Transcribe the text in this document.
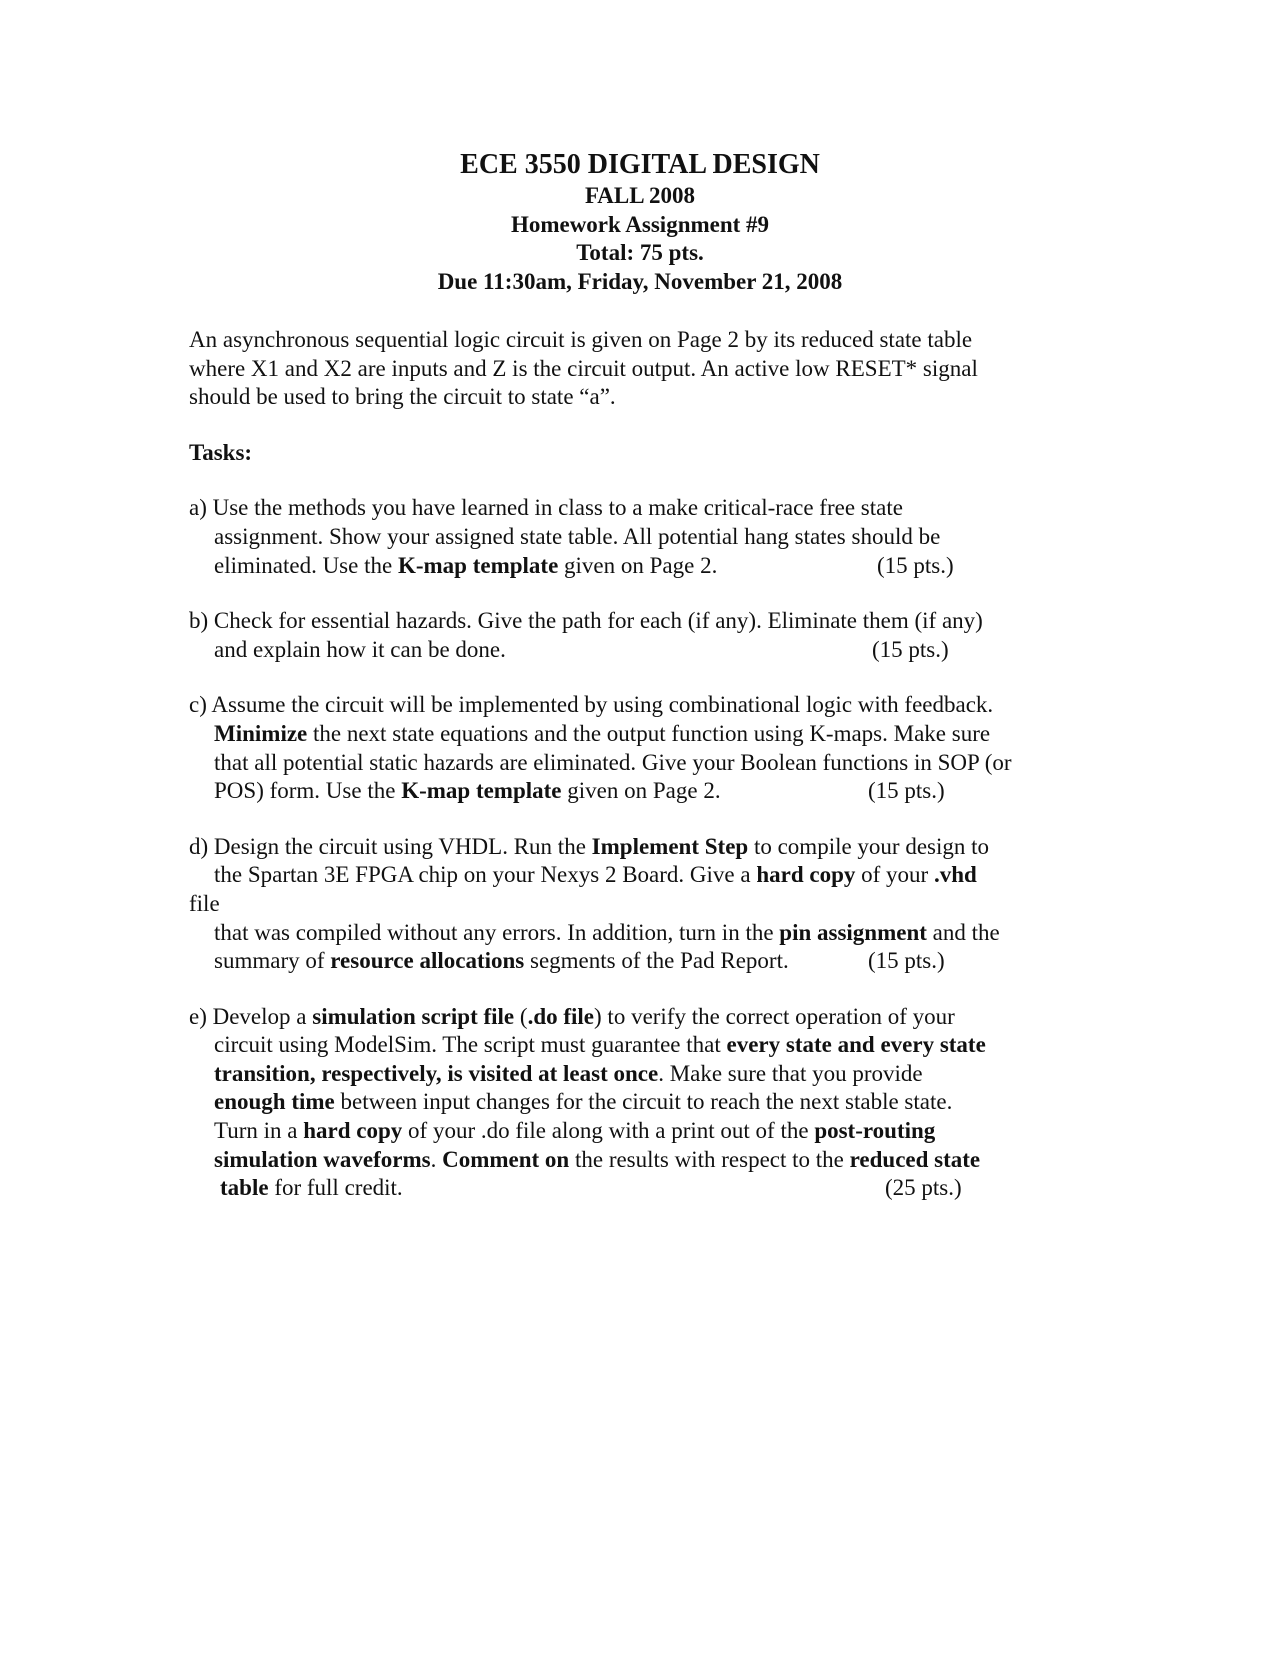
ECE 3550 DIGITAL DESIGN
FALL 2008
Homework Assignment #9
Total: 75 pts.
Due 11:30am, Friday, November 21, 2008
An asynchronous sequential logic circuit is given on Page 2 by its reduced state table
where X1 and X2 are inputs and Z is the circuit output. An active low RESET* signal
should be used to bring the circuit to state “a”.
Tasks:
a) Use the methods you have learned in class to a make critical-race free state
assignment. Show your assigned state table. All potential hang states should be
eliminated. Use the K-map template given on Page 2.	(15 pts.)
b) Check for essential hazards. Give the path for each (if any). Eliminate them (if any)
and explain how it can be done.	(15 pts.)
c) Assume the circuit will be implemented by using combinational logic with feedback.
Minimize the next state equations and the output function using K-maps. Make sure
that all potential static hazards are eliminated. Give your Boolean functions in SOP (or
POS) form. Use the K-map template given on Page 2.	(15 pts.)
d) Design the circuit using VHDL. Run the Implement Step to compile your design to
the Spartan 3E FPGA chip on your Nexys 2 Board. Give a hard copy of your .vhd
file
that was compiled without any errors. In addition, turn in the pin assignment and the
summary of resource allocations segments of the Pad Report.	(15 pts.)
e) Develop a simulation script file (.do file) to verify the correct operation of your
circuit using ModelSim. The script must guarantee that every state and every state
transition, respectively, is visited at least once. Make sure that you provide
enough time between input changes for the circuit to reach the next stable state.
Turn in a hard copy of your .do file along with a print out of the post-routing
simulation waveforms. Comment on the results with respect to the reduced state
table for full credit.	(25 pts.)
